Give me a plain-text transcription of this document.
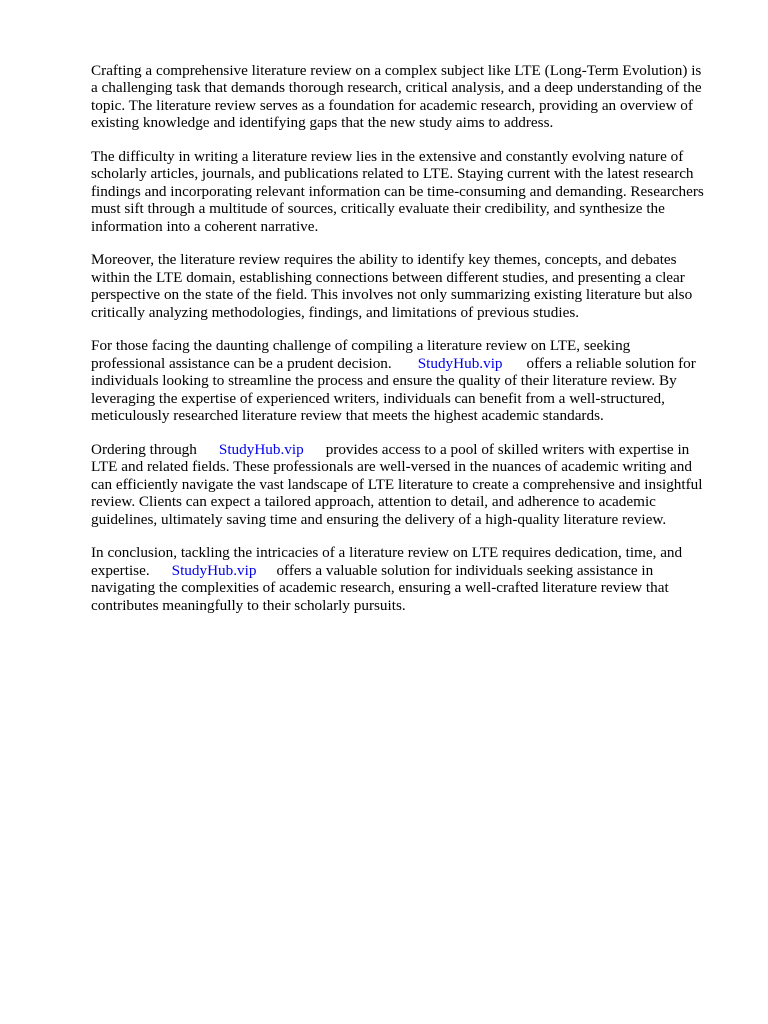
Crafting a comprehensive literature review on a complex subject like LTE (Long-Term Evolution) is
a challenging task that demands thorough research, critical analysis, and a deep understanding of the
topic. The literature review serves as a foundation for academic research, providing an overview of
existing knowledge and identifying gaps that the new study aims to address.

The difficulty in writing a literature review lies in the extensive and constantly evolving nature of
scholarly articles, journals, and publications related to LTE. Staying current with the latest research
findings and incorporating relevant information can be time-consuming and demanding. Researchers
must sift through a multitude of sources, critically evaluate their credibility, and synthesize the
information into a coherent narrative.

Moreover, the literature review requires the ability to identify key themes, concepts, and debates
within the LTE domain, establishing connections between different studies, and presenting a clear
perspective on the state of the field. This involves not only summarizing existing literature but also
critically analyzing methodologies, findings, and limitations of previous studies.

For those facing the daunting challenge of compiling a literature review on LTE, seeking
professional assistance can be a prudent decision. StudyHub.vip offers a reliable solution for
individuals looking to streamline the process and ensure the quality of their literature review. By
leveraging the expertise of experienced writers, individuals can benefit from a well-structured,
meticulously researched literature review that meets the highest academic standards.

Ordering through StudyHub.vip provides access to a pool of skilled writers with expertise in
LTE and related fields. These professionals are well-versed in the nuances of academic writing and
can efficiently navigate the vast landscape of LTE literature to create a comprehensive and insightful
review. Clients can expect a tailored approach, attention to detail, and adherence to academic
guidelines, ultimately saving time and ensuring the delivery of a high-quality literature review.

In conclusion, tackling the intricacies of a literature review on LTE requires dedication, time, and
expertise. StudyHub.vip offers a valuable solution for individuals seeking assistance in
navigating the complexities of academic research, ensuring a well-crafted literature review that
contributes meaningfully to their scholarly pursuits.
